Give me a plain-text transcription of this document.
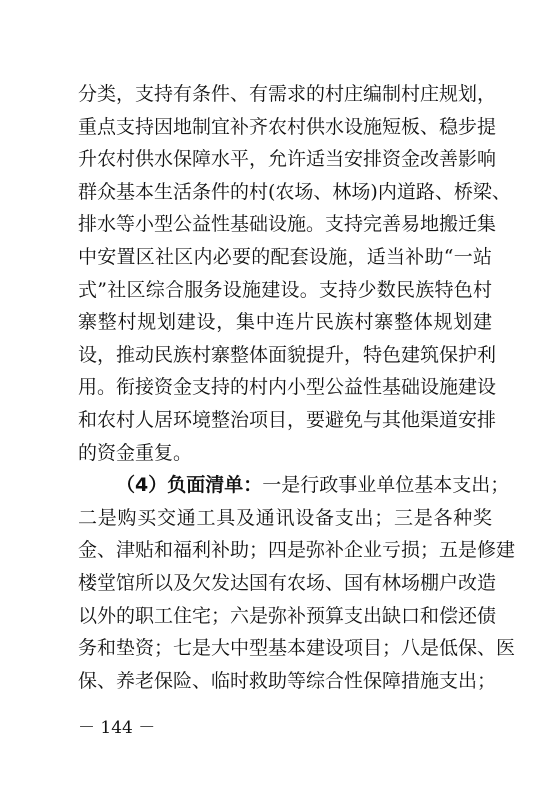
分类，支持有条件、有需求的村庄编制村庄规划，
重点支持因地制宜补齐农村供水设施短板、稳步提
升农村供水保障水平，允许适当安排资金改善影响
群众基本生活条件的村(农场、林场)内道路、桥梁、
排水等小型公益性基础设施。支持完善易地搬迁集
中安置区社区内必要的配套设施，适当补助“一站
式”社区综合服务设施建设。支持少数民族特色村
寨整村规划建设，集中连片民族村寨整体规划建
设，推动民族村寨整体面貌提升，特色建筑保护利
用。衔接资金支持的村内小型公益性基础设施建设
和农村人居环境整治项目，要避免与其他渠道安排
的资金重复。
（4）负面清单：一是行政事业单位基本支出；
二是购买交通工具及通讯设备支出；三是各种奖
金、津贴和福利补助；四是弥补企业亏损；五是修建
楼堂馆所以及欠发达国有农场、国有林场棚户改造
以外的职工住宅；六是弥补预算支出缺口和偿还债
务和垫资；七是大中型基本建设项目；八是低保、医
保、养老保险、临时救助等综合性保障措施支出；
－ 144 －
